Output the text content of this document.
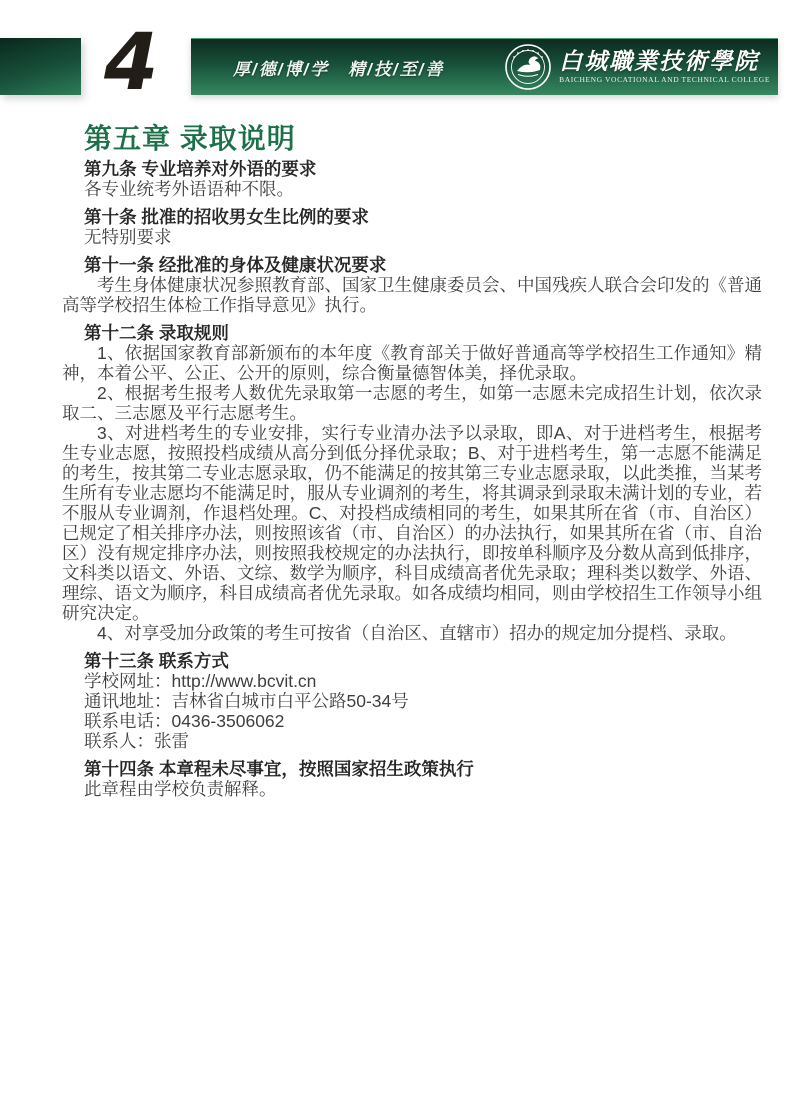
4	厚/德/博/学　精/技/至/善	白城職業技術學院
BAICHENG VOCATIONAL AND TECHNICAL COLLEGE
第五章 录取说明
第九条 专业培养对外语的要求

各专业统考外语语种不限。

第十条 批准的招收男女生比例的要求

无特别要求

第十一条 经批准的身体及健康状况要求

考生身体健康状况参照教育部、国家卫生健康委员会、中国残疾人联合会印发的《普通高等学校招生体检工作指导意见》执行。

第十二条 录取规则

1、依据国家教育部新颁布的本年度《教育部关于做好普通高等学校招生工作通知》精神，本着公平、公正、公开的原则，综合衡量德智体美，择优录取。

2、根据考生报考人数优先录取第一志愿的考生，如第一志愿未完成招生计划，依次录取二、三志愿及平行志愿考生。

3、对进档考生的专业安排，实行专业清办法予以录取，即A、对于进档考生，根据考生专业志愿，按照投档成绩从高分到低分择优录取；B、对于进档考生，第一志愿不能满足的考生，按其第二专业志愿录取，仍不能满足的按其第三专业志愿录取，以此类推，当某考生所有专业志愿均不能满足时，服从专业调剂的考生，将其调录到录取未满计划的专业，若不服从专业调剂，作退档处理。C、对投档成绩相同的考生，如果其所在省（市、自治区）已规定了相关排序办法，则按照该省（市、自治区）的办法执行，如果其所在省（市、自治区）没有规定排序办法，则按照我校规定的办法执行，即按单科顺序及分数从高到低排序，文科类以语文、外语、文综、数学为顺序，科目成绩高者优先录取；理科类以数学、外语、理综、语文为顺序，科目成绩高者优先录取。如各成绩均相同，则由学校招生工作领导小组研究决定。

4、对享受加分政策的考生可按省（自治区、直辖市）招办的规定加分提档、录取。

第十三条 联系方式

学校网址：http://www.bcvit.cn

通讯地址：吉林省白城市白平公路50-34号

联系电话：0436-3506062

联系人：张雷

第十四条 本章程未尽事宜，按照国家招生政策执行

此章程由学校负责解释。
